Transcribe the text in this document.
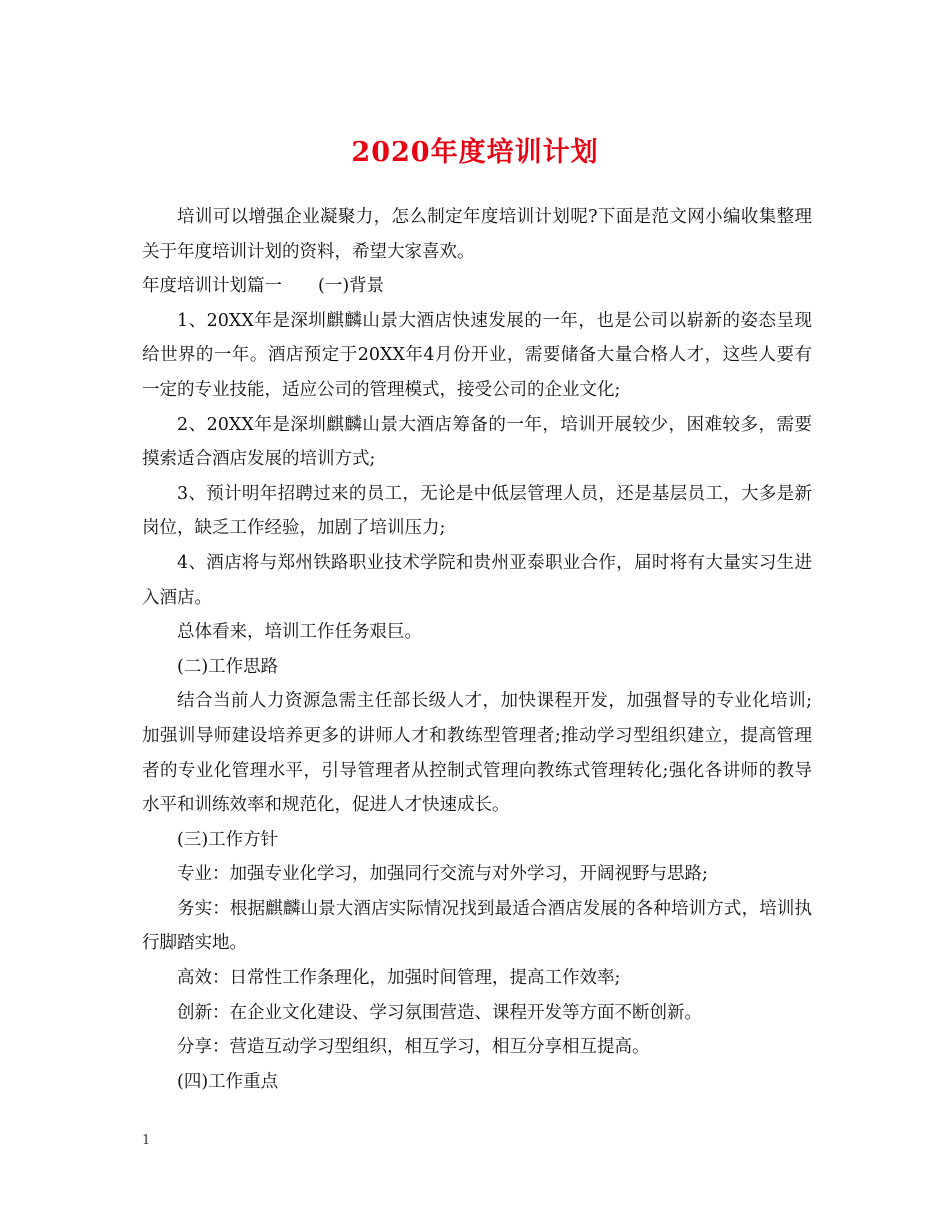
2020年度培训计划

培训可以增强企业凝聚力，怎么制定年度培训计划呢?下面是范文网小编收集整理关于年度培训计划的资料，希望大家喜欢。

年度培训计划篇一 (一)背景

1、20XX年是深圳麒麟山景大酒店快速发展的一年，也是公司以崭新的姿态呈现给世界的一年。酒店预定于20XX年4月份开业，需要储备大量合格人才，这些人要有一定的专业技能，适应公司的管理模式，接受公司的企业文化;

2、20XX年是深圳麒麟山景大酒店筹备的一年，培训开展较少，困难较多，需要摸索适合酒店发展的培训方式;

3、预计明年招聘过来的员工，无论是中低层管理人员，还是基层员工，大多是新岗位，缺乏工作经验，加剧了培训压力;

4、酒店将与郑州铁路职业技术学院和贵州亚泰职业合作，届时将有大量实习生进入酒店。

总体看来，培训工作任务艰巨。

(二)工作思路

结合当前人力资源急需主任部长级人才，加快课程开发，加强督导的专业化培训;加强训导师建设培养更多的讲师人才和教练型管理者;推动学习型组织建立，提高管理者的专业化管理水平，引导管理者从控制式管理向教练式管理转化;强化各讲师的教导水平和训练效率和规范化，促进人才快速成长。

(三)工作方针

专业：加强专业化学习，加强同行交流与对外学习，开阔视野与思路;

务实：根据麒麟山景大酒店实际情况找到最适合酒店发展的各种培训方式，培训执行脚踏实地。

高效：日常性工作条理化，加强时间管理，提高工作效率;

创新：在企业文化建设、学习氛围营造、课程开发等方面不断创新。

分享：营造互动学习型组织，相互学习，相互分享相互提高。

(四)工作重点

1
